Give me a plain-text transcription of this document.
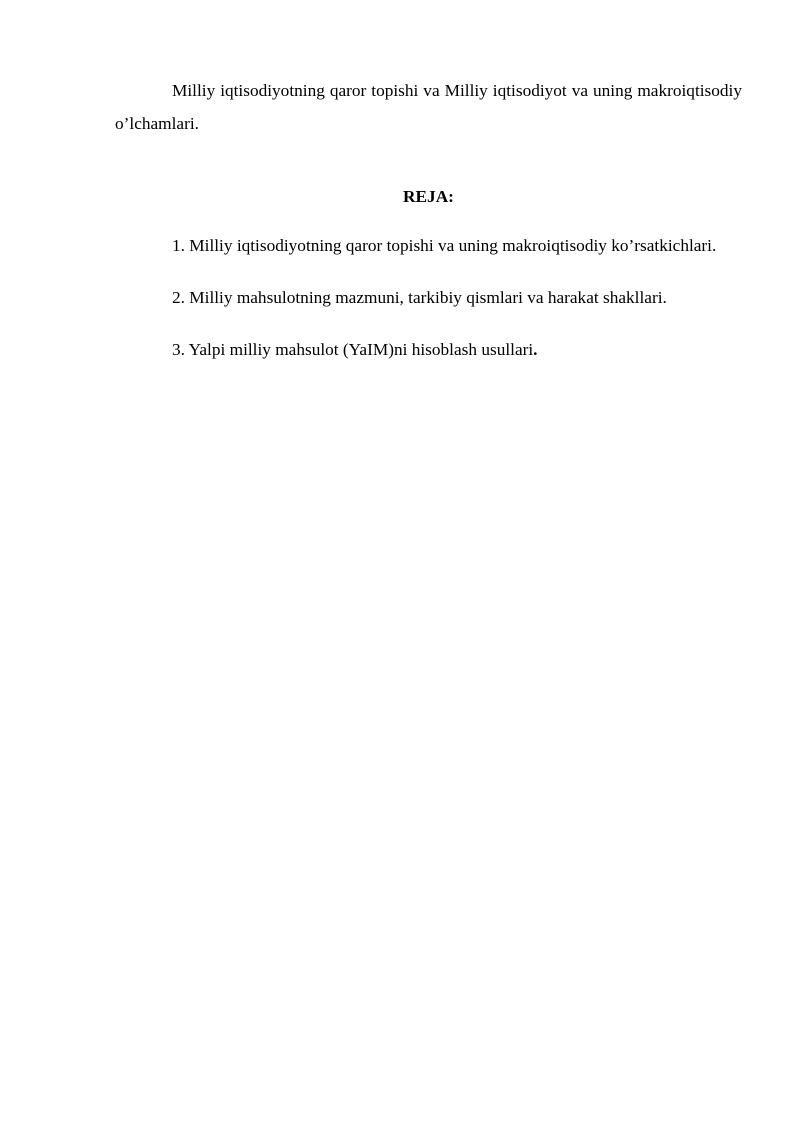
Milliy iqtisodiyotning qaror topishi va Milliy iqtisodiyot va uning makroiqtisodiy o’lchamlari.

REJA:

1. Milliy iqtisodiyotning qaror topishi va uning makroiqtisodiy ko’rsatkichlari.

2. Milliy mahsulotning mazmuni, tarkibiy qismlari va harakat shakllari.

3. Yalpi milliy mahsulot (YaIM)ni hisoblash usullari.
